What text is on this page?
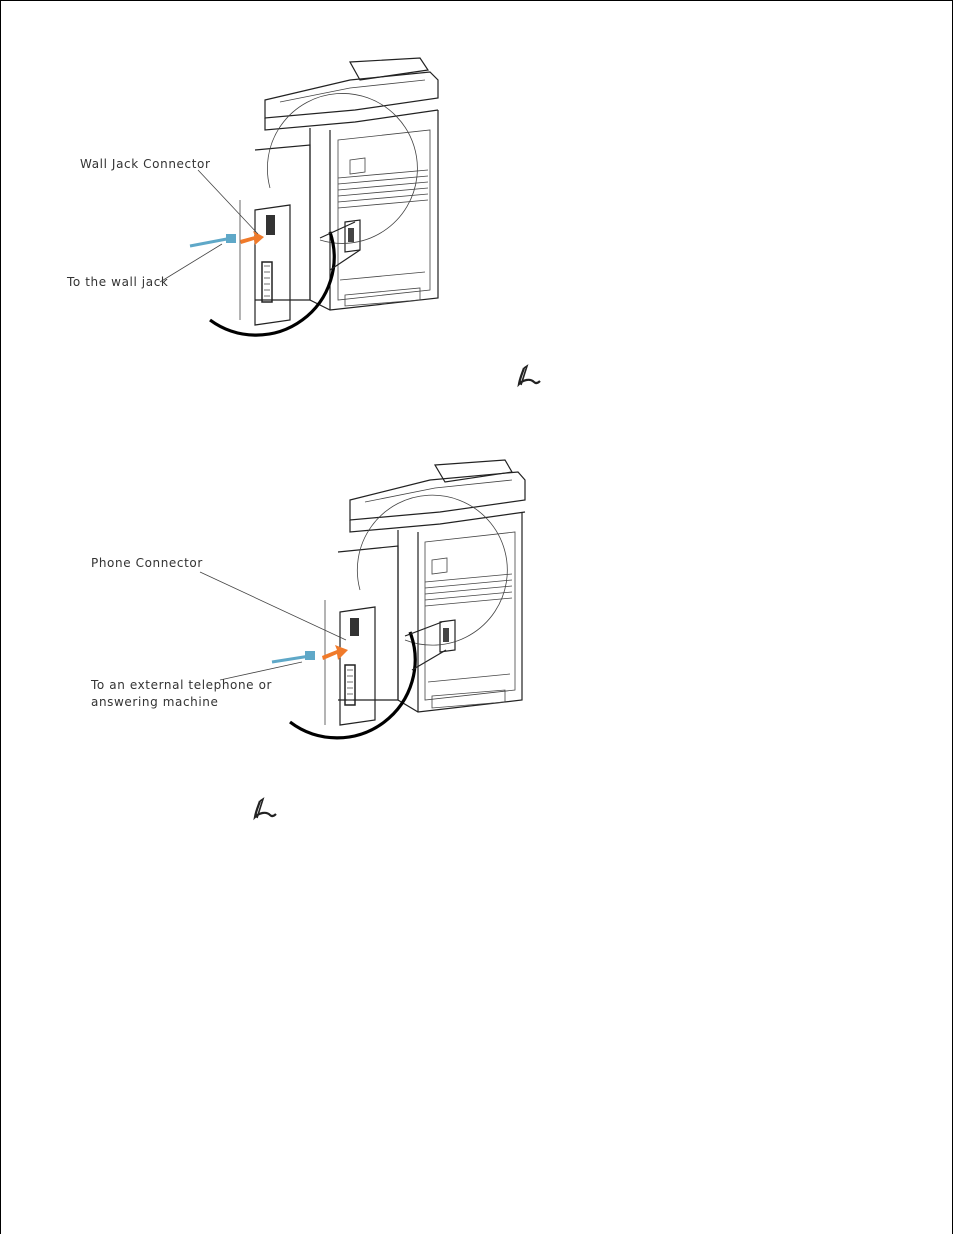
Wall Jack Connector
To the wall jack
Phone Connector
To an external telephone or
answering machine
